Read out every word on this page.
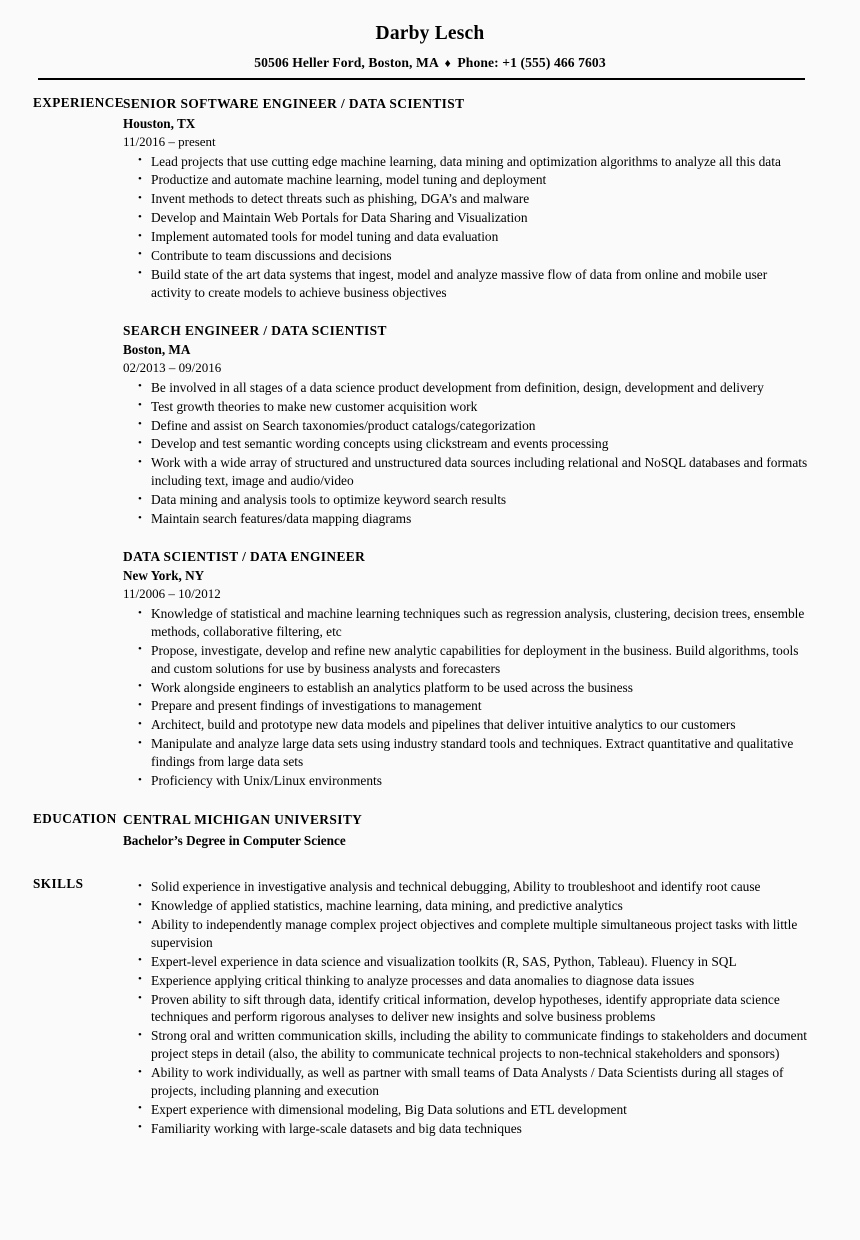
Darby Lesch
50506 Heller Ford, Boston, MA ♦ Phone: +1 (555) 466 7603
EXPERIENCE SENIOR SOFTWARE ENGINEER / DATA SCIENTIST
Houston, TX
11/2016 – present
• Lead projects that use cutting edge machine learning, data mining and optimization algorithms to analyze all this data
• Productize and automate machine learning, model tuning and deployment
• Invent methods to detect threats such as phishing, DGA’s and malware
• Develop and Maintain Web Portals for Data Sharing and Visualization
• Implement automated tools for model tuning and data evaluation
• Contribute to team discussions and decisions
• Build state of the art data systems that ingest, model and analyze massive flow of data from online and mobile user activity to create models to achieve business objectives
SEARCH ENGINEER / DATA SCIENTIST
Boston, MA
02/2013 – 09/2016
• Be involved in all stages of a data science product development from definition, design, development and delivery
• Test growth theories to make new customer acquisition work
• Define and assist on Search taxonomies/product catalogs/categorization
• Develop and test semantic wording concepts using clickstream and events processing
• Work with a wide array of structured and unstructured data sources including relational and NoSQL databases and formats including text, image and audio/video
• Data mining and analysis tools to optimize keyword search results
• Maintain search features/data mapping diagrams
DATA SCIENTIST / DATA ENGINEER
New York, NY
11/2006 – 10/2012
• Knowledge of statistical and machine learning techniques such as regression analysis, clustering, decision trees, ensemble methods, collaborative filtering, etc
• Propose, investigate, develop and refine new analytic capabilities for deployment in the business. Build algorithms, tools and custom solutions for use by business analysts and forecasters
• Work alongside engineers to establish an analytics platform to be used across the business
• Prepare and present findings of investigations to management
• Architect, build and prototype new data models and pipelines that deliver intuitive analytics to our customers
• Manipulate and analyze large data sets using industry standard tools and techniques. Extract quantitative and qualitative findings from large data sets
• Proficiency with Unix/Linux environments
EDUCATION CENTRAL MICHIGAN UNIVERSITY
Bachelor’s Degree in Computer Science
SKILLS	• Solid experience in investigative analysis and technical debugging, Ability to troubleshoot and identify root cause
• Knowledge of applied statistics, machine learning, data mining, and predictive analytics
• Ability to independently manage complex project objectives and complete multiple simultaneous project tasks with little supervision
• Expert-level experience in data science and visualization toolkits (R, SAS, Python, Tableau). Fluency in SQL
• Experience applying critical thinking to analyze processes and data anomalies to diagnose data issues
• Proven ability to sift through data, identify critical information, develop hypotheses, identify appropriate data science techniques and perform rigorous analyses to deliver new insights and solve business problems
• Strong oral and written communication skills, including the ability to communicate findings to stakeholders and document project steps in detail (also, the ability to communicate technical projects to non-technical stakeholders and sponsors)
• Ability to work individually, as well as partner with small teams of Data Analysts / Data Scientists during all stages of projects, including planning and execution
• Expert experience with dimensional modeling, Big Data solutions and ETL development
• Familiarity working with large-scale datasets and big data techniques
